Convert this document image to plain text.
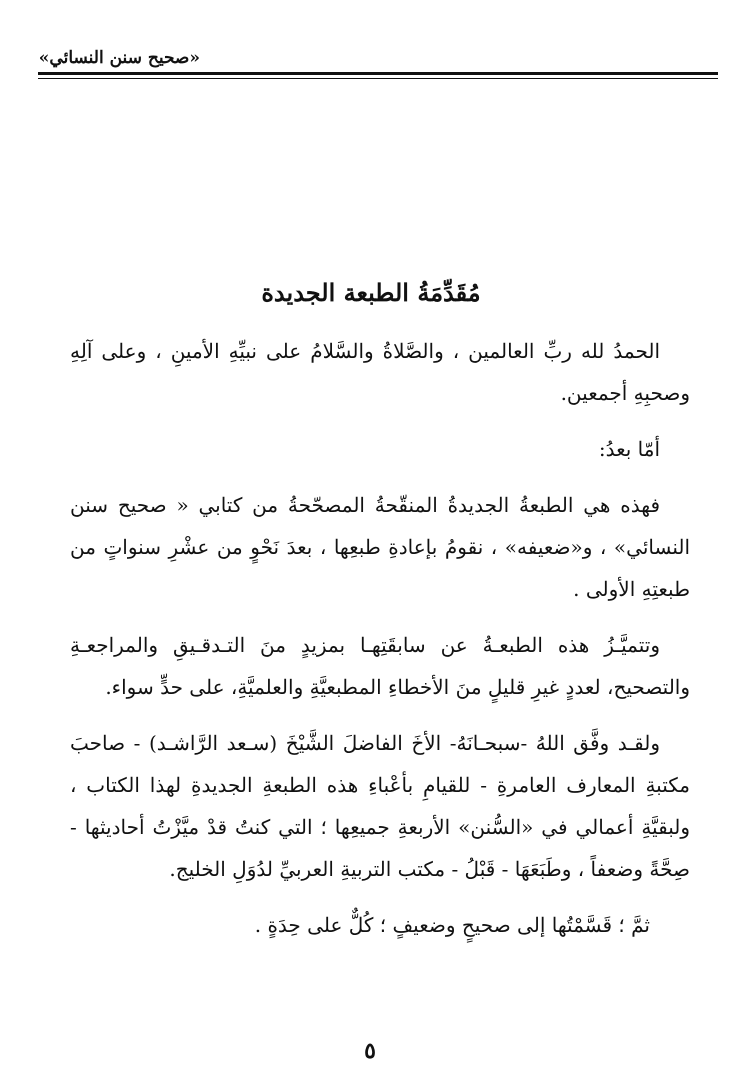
«صحيح سنن النسائي»
مُقَدِّمَةُ الطبعة الجديدة

الحمدُ لله ربِّ العالمين ، والصَّلاةُ والسَّلامُ على نبيِّهِ الأمينِ ، وعلى آلِهِ وصحبِهِ أجمعين.

أمّا بعدُ:

فهذه هي الطبعةُ الجديدةُ المنقّحةُ المصحّحةُ من كتابي « صحيح سنن النسائي» ، و«ضعيفه» ، نقومُ بإعادةِ طبعِها ، بعدَ نَحْوٍ من عشْرِ سنواتٍ من طبعتِهِ الأولى .

وتتميَّـزُ هذه الطبعـةُ عن سابقَتِهـا بمزيدٍ منَ التـدقـيقِ والمراجعـةِ والتصحيح، لعددٍ غيرِ قليلٍ منَ الأخطاءِ المطبعيَّةِ والعلميَّةِ، على حدٍّ سواء.

ولقـد وفَّق اللهُ -سبحـانَهُ- الأخَ الفاضلَ الشَّيْخَ (سـعد الرَّاشـد) - صاحبَ مكتبةِ المعارف العامرةِ - للقيامِ بأعْباءِ هذه الطبعةِ الجديدةِ لهذا الكتاب ، ولبقيَّةِ أعمالي في «السُّنن» الأربعةِ جميعِها ؛ التي كنتُ قدْ ميَّزْتُ أحاديثها - صِحَّةً وضعفاً ، وطَبَعَهَا - قَبْلُ - مكتب التربيةِ العربيِّ لدُوَلِ الخليج.

ثمَّ ؛ قَسَّمْتُها إلى صحيحٍ وضعيفٍ ؛ كُلٌّ على حِدَةٍ .

٥
